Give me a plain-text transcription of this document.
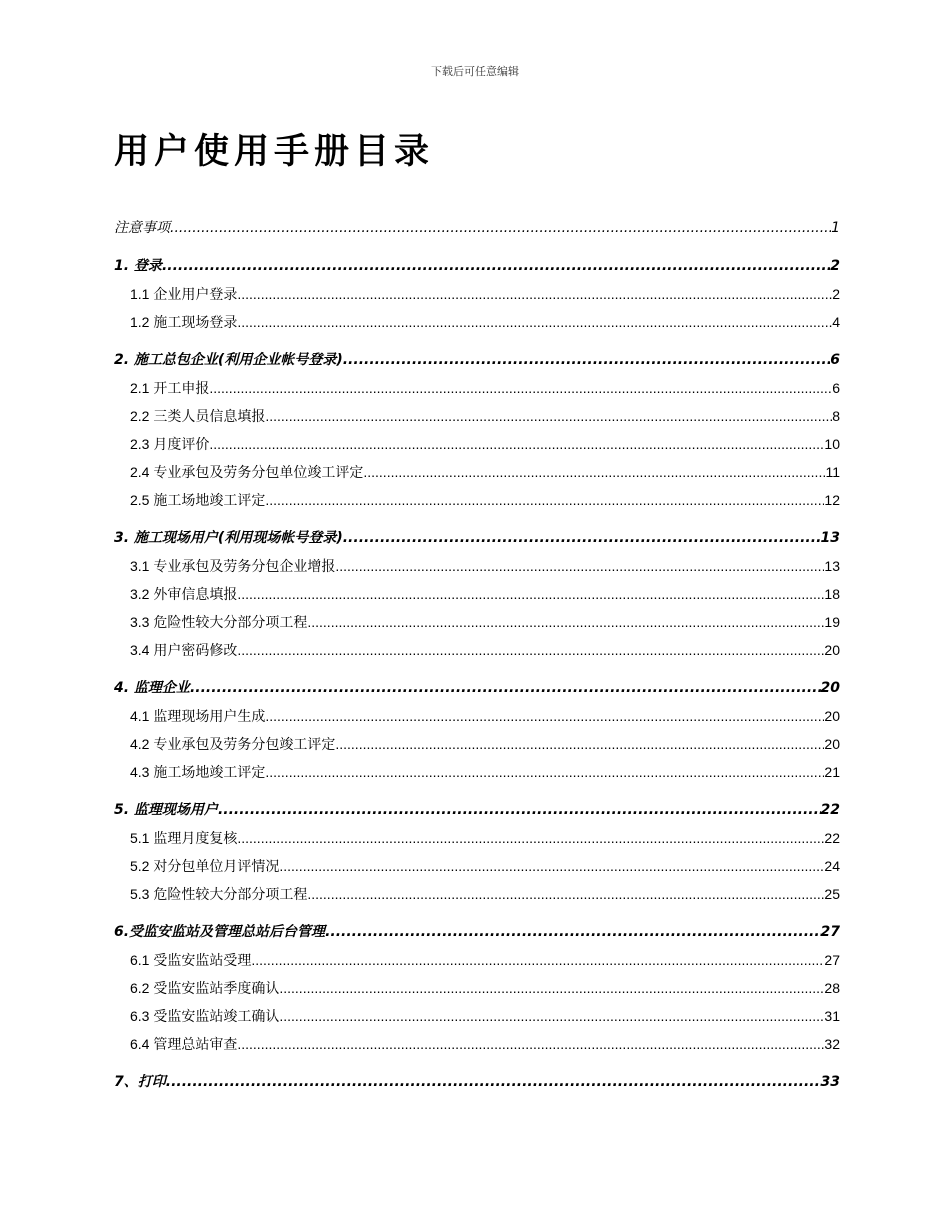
下载后可任意编辑
用户使用手册目录
注意事项 .....	1
1. 登录 .....	2
1.1 企业用户登录 .....	2
1.2 施工现场登录 .....	4
2. 施工总包企业(利用企业帐号登录) .....	6
2.1 开工申报 .....	6
2.2 三类人员信息填报 .....	8
2.3 月度评价 .....	10
2.4 专业承包及劳务分包单位竣工评定 .....	11
2.5 施工场地竣工评定 .....	12
3. 施工现场用户(利用现场帐号登录) .....	13
3.1 专业承包及劳务分包企业增报 .....	13
3.2 外审信息填报 .....	18
3.3 危险性较大分部分项工程 .....	19
3.4 用户密码修改 .....	20
4. 监理企业 .....	20
4.1 监理现场用户生成 .....	20
4.2 专业承包及劳务分包竣工评定 .....	20
4.3 施工场地竣工评定 .....	21
5. 监理现场用户 .....	22
5.1 监理月度复核 .....	22
5.2 对分包单位月评情况 .....	24
5.3 危险性较大分部分项工程 .....	25
6.受监安监站及管理总站后台管理 .....	27
6.1 受监安监站受理 .....	27
6.2 受监安监站季度确认 .....	28
6.3 受监安监站竣工确认 .....	31
6.4 管理总站审查 .....	32
7、打印 .....	33
